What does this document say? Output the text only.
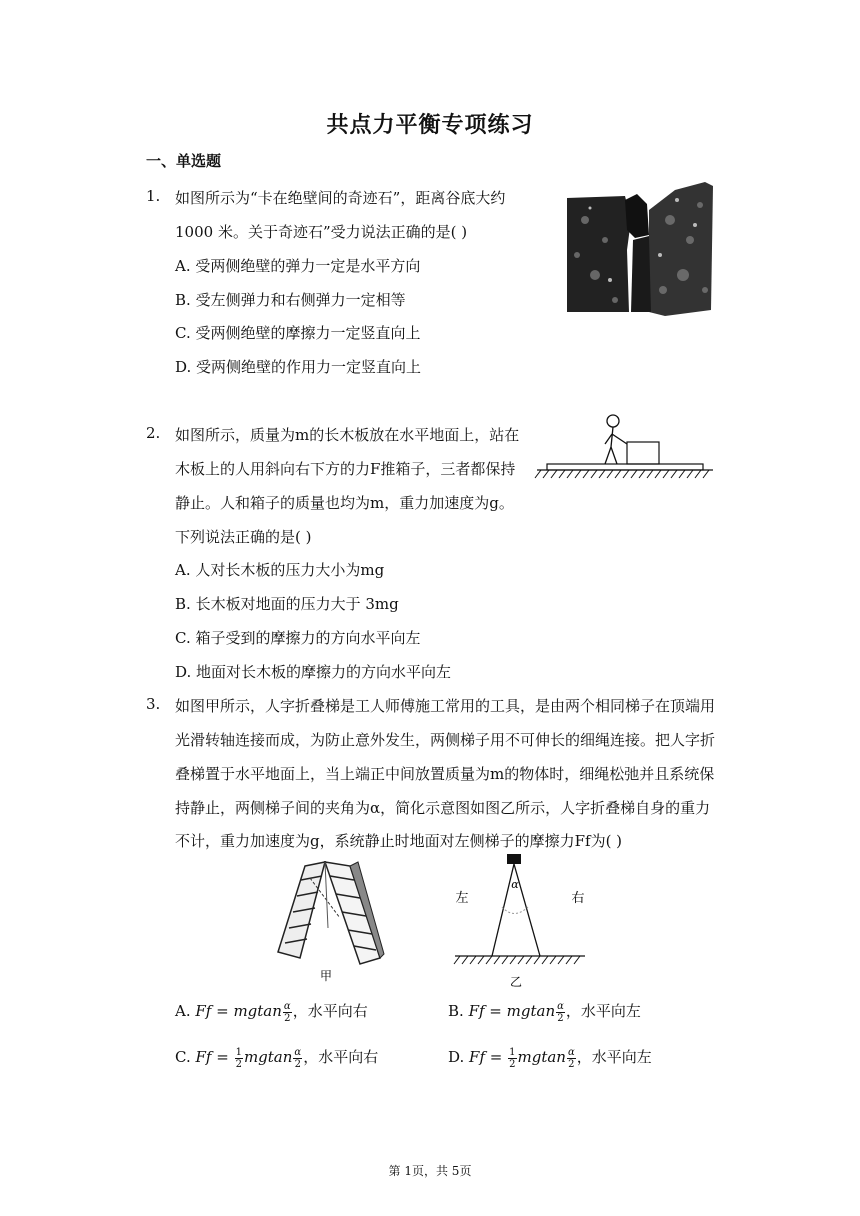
共点力平衡专项练习
一、单选题
1. 如图所示为“卡在绝壁间的奇迹石”，距离谷底大约
1000 米。关于奇迹石”受力说法正确的是( )
A. 受两侧绝壁的弹力一定是水平方向
B. 受左侧弹力和右侧弹力一定相等
C. 受两侧绝壁的摩擦力一定竖直向上
D. 受两侧绝壁的作用力一定竖直向上
2. 如图所示，质量为m的长木板放在水平地面上，站在
木板上的人用斜向右下方的力F推箱子，三者都保持
静止。人和箱子的质量也均为m，重力加速度为g。
下列说法正确的是( )
A. 人对长木板的压力大小为mg
B. 长木板对地面的压力大于 3mg
C. 箱子受到的摩擦力的方向水平向左
D. 地面对长木板的摩擦力的方向水平向左
3. 如图甲所示，人字折叠梯是工人师傅施工常用的工具，是由两个相同梯子在顶端用
光滑转轴连接而成，为防止意外发生，两侧梯子用不可伸长的细绳连接。把人字折
叠梯置于水平地面上，当上端正中间放置质量为m的物体时，细绳松弛并且系统保
持静止，两侧梯子间的夹角为α，简化示意图如图乙所示，人字折叠梯自身的重力
不计，重力加速度为g，系统静止时地面对左侧梯子的摩擦力Ff为( )
甲
α
左	右
乙
A. Ff = mgtan $\frac{\alpha}{2}$ ，水平向右	B. Ff = mgtan $\frac{\alpha}{2}$ ，水平向左
C. $Ff = \frac{1}{2}$ mgtan $\frac{\alpha}{2}$ ，水平向右	D. $Ff = \frac{1}{2}$ mgtan $\frac{\alpha}{2}$ ，水平向左
第 1页，共 5页
